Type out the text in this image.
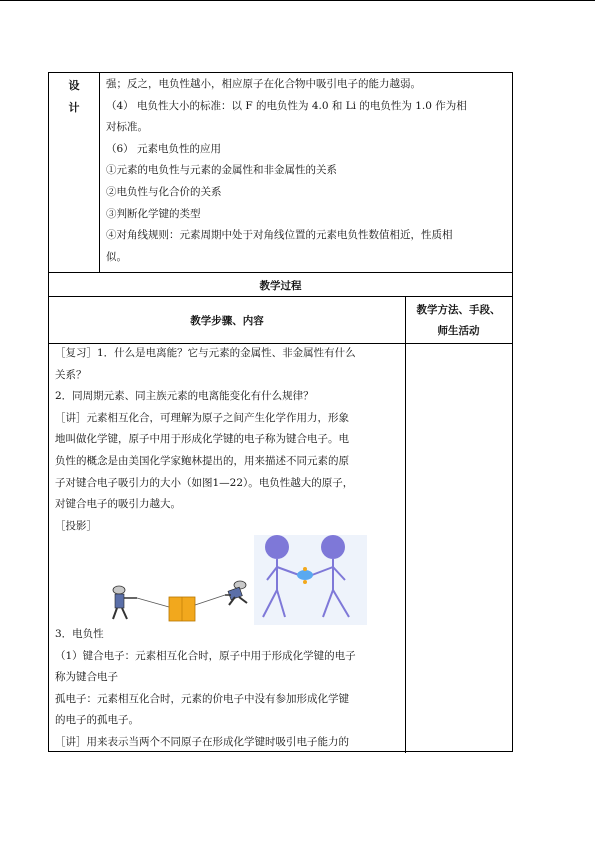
设
计
强；反之，电负性越小，相应原子在化合物中吸引电子的能力越弱。
（4） 电负性大小的标准：以 F 的电负性为 4.0 和 Li 的电负性为 1.0 作为相
对标准。
（6） 元素电负性的应用
①元素的电负性与元素的金属性和非金属性的关系
②电负性与化合价的关系
③判断化学键的类型
④对角线规则：元素周期中处于对角线位置的元素电负性数值相近，性质相
似。
教学过程
教学步骤、内容
教学方法、手段、
师生活动
［复习］1．什么是电离能？它与元素的金属性、非金属性有什么
关系？
2．同周期元素、同主族元素的电离能变化有什么规律？
［讲］元素相互化合，可理解为原子之间产生化学作用力，形象
地叫做化学键，原子中用于形成化学键的电子称为键合电子。电
负性的概念是由美国化学家鲍林提出的，用来描述不同元素的原
子对键合电子吸引力的大小（如图1—22）。电负性越大的原子，
对键合电子的吸引力越大。
［投影］
3．电负性
（1）键合电子：元素相互化合时，原子中用于形成化学键的电子
称为键合电子
孤电子：元素相互化合时，元素的价电子中没有参加形成化学键
的电子的孤电子。
［讲］用来表示当两个不同原子在形成化学键时吸引电子能力的
